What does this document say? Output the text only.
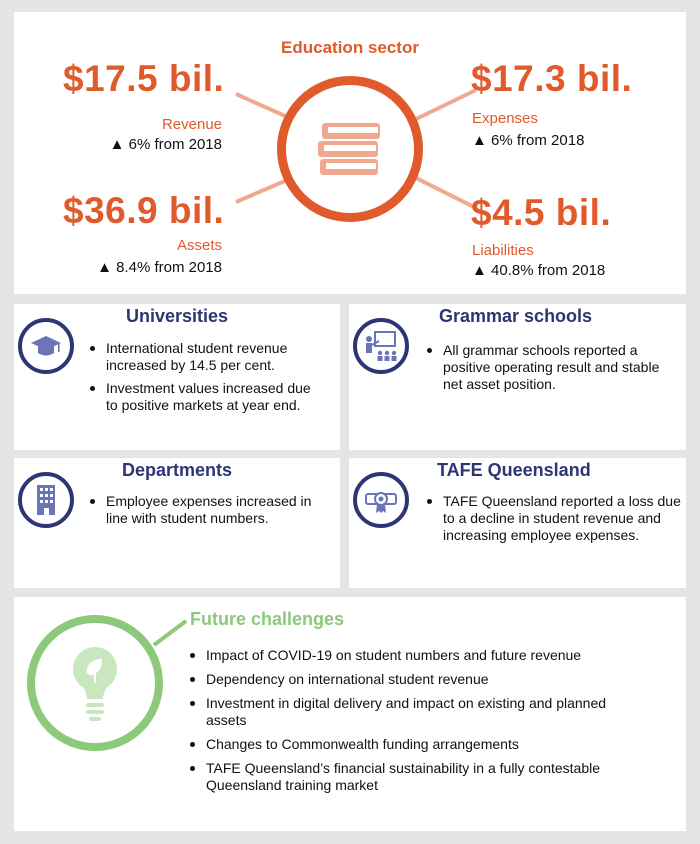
Education sector
$17.5 bil.
Revenue
▲ 6% from 2018
$17.3 bil.
Expenses
▲ 6% from 2018
$36.9 bil.
Assets
▲ 8.4% from 2018
$4.5 bil.
Liabilities
▲ 40.8% from 2018
Universities
International student revenue increased by 14.5 per cent.
Investment values increased due to positive markets at year end.
Grammar schools
All grammar schools reported a positive operating result and stable net asset position.
Departments
Employee expenses increased in line with student numbers.
TAFE Queensland
TAFE Queensland reported a loss due to a decline in student revenue and increasing employee expenses.
Future challenges
Impact of COVID-19 on student numbers and future revenue
Dependency on international student revenue
Investment in digital delivery and impact on existing and planned assets
Changes to Commonwealth funding arrangements
TAFE Queensland’s financial sustainability in a fully contestable Queensland training market
